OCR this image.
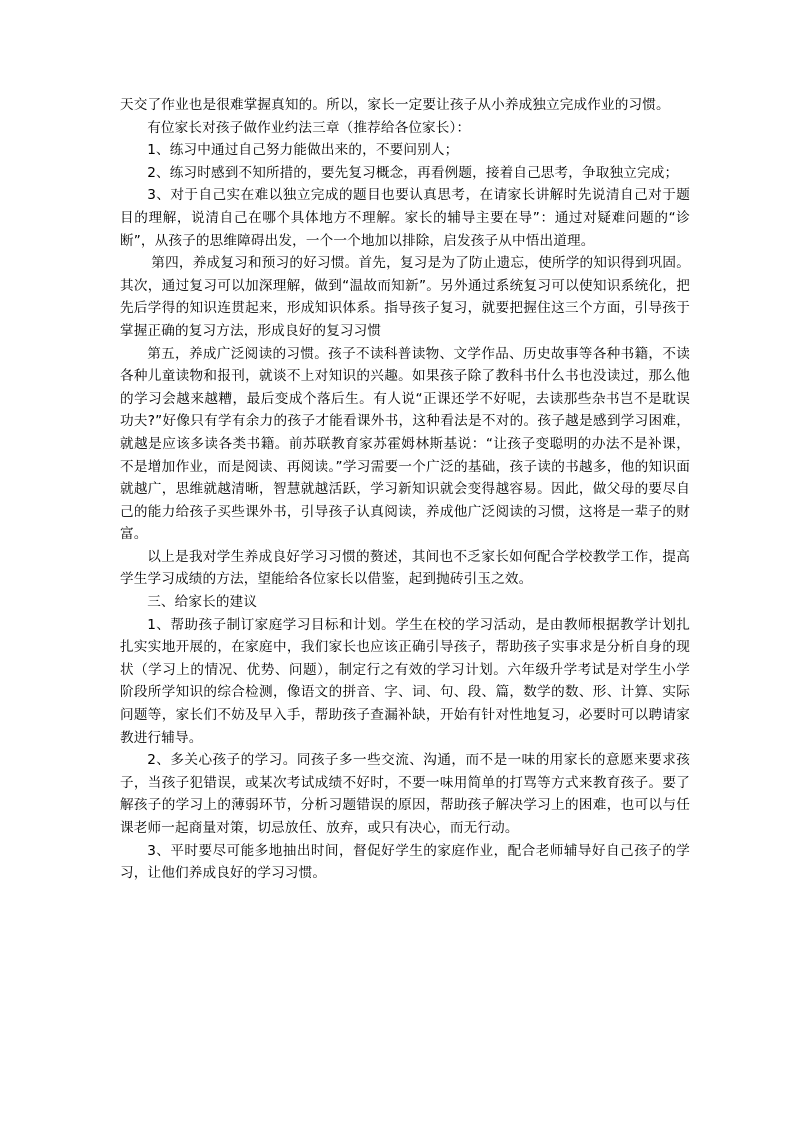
天交了作业也是很难掌握真知的。所以，家长一定要让孩子从小养成独立完成作业的习惯。

有位家长对孩子做作业约法三章（推荐给各位家长）：

1、练习中通过自己努力能做出来的，不要问别人；

2、练习时感到不知所措的，要先复习概念，再看例题，接着自己思考，争取独立完成；

3、对于自己实在难以独立完成的题目也要认真思考，在请家长讲解时先说清自己对于题目的理解，说清自己在哪个具体地方不理解。家长的辅导主要在导”：通过对疑难问题的“诊断”，从孩子的思维障碍出发，一个一个地加以排除，启发孩子从中悟出道理。

第四，养成复习和预习的好习惯。首先，复习是为了防止遗忘，使所学的知识得到巩固。其次，通过复习可以加深理解，做到“温故而知新”。另外通过系统复习可以使知识系统化，把先后学得的知识连贯起来，形成知识体系。指导孩子复习，就要把握住这三个方面，引导孩于掌握正确的复习方法，形成良好的复习习惯

第五，养成广泛阅读的习惯。孩子不读科普读物、文学作品、历史故事等各种书籍，不读各种儿童读物和报刊，就谈不上对知识的兴趣。如果孩子除了教科书什么书也没读过，那么他的学习会越来越糟，最后变成个落后生。有人说“正课还学不好呢，去读那些杂书岂不是耽误功夫?”好像只有学有余力的孩子才能看课外书，这种看法是不对的。孩子越是感到学习困难，就越是应该多读各类书籍。前苏联教育家苏霍姆林斯基说：“让孩子变聪明的办法不是补课，不是增加作业，而是阅读、再阅读。”学习需要一个广泛的基础，孩子读的书越多，他的知识面就越广，思维就越清晰，智慧就越活跃，学习新知识就会变得越容易。因此，做父母的要尽自己的能力给孩子买些课外书，引导孩子认真阅读，养成他广泛阅读的习惯，这将是一辈子的财富。

以上是我对学生养成良好学习习惯的赘述，其间也不乏家长如何配合学校教学工作，提高学生学习成绩的方法，望能给各位家长以借鉴，起到抛砖引玉之效。

三、给家长的建议

1、帮助孩子制订家庭学习目标和计划。学生在校的学习活动，是由教师根据教学计划扎扎实实地开展的，在家庭中，我们家长也应该正确引导孩子，帮助孩子实事求是分析自身的现状（学习上的情况、优势、问题），制定行之有效的学习计划。六年级升学考试是对学生小学阶段所学知识的综合检测，像语文的拼音、字、词、句、段、篇，数学的数、形、计算、实际问题等，家长们不妨及早入手，帮助孩子查漏补缺，开始有针对性地复习，必要时可以聘请家教进行辅导。

2、多关心孩子的学习。同孩子多一些交流、沟通，而不是一味的用家长的意愿来要求孩子，当孩子犯错误，或某次考试成绩不好时，不要一味用简单的打骂等方式来教育孩子。要了解孩子的学习上的薄弱环节，分析习题错误的原因，帮助孩子解决学习上的困难，也可以与任课老师一起商量对策，切忌放任、放弃，或只有决心，而无行动。

3、平时要尽可能多地抽出时间，督促好学生的家庭作业，配合老师辅导好自己孩子的学习，让他们养成良好的学习习惯。
